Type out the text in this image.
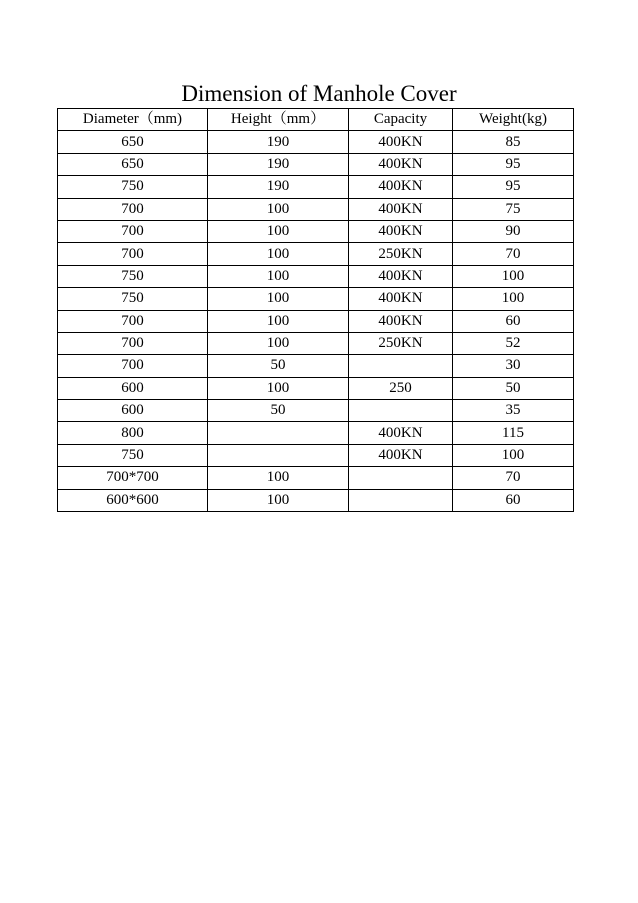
Dimension of Manhole Cover
Diameter（mm)	Height（mm）	Capacity	Weight(kg)
650	190	400KN	85
650	190	400KN	95
750	190	400KN	95
700	100	400KN	75
700	100	400KN	90
700	100	250KN	70
750	100	400KN	100
750	100	400KN	100
700	100	400KN	60
700	100	250KN	52
700	50		30
600	100	250	50
600	50		35
800		400KN	115
750		400KN	100
700*700	100		70
600*600	100		60
